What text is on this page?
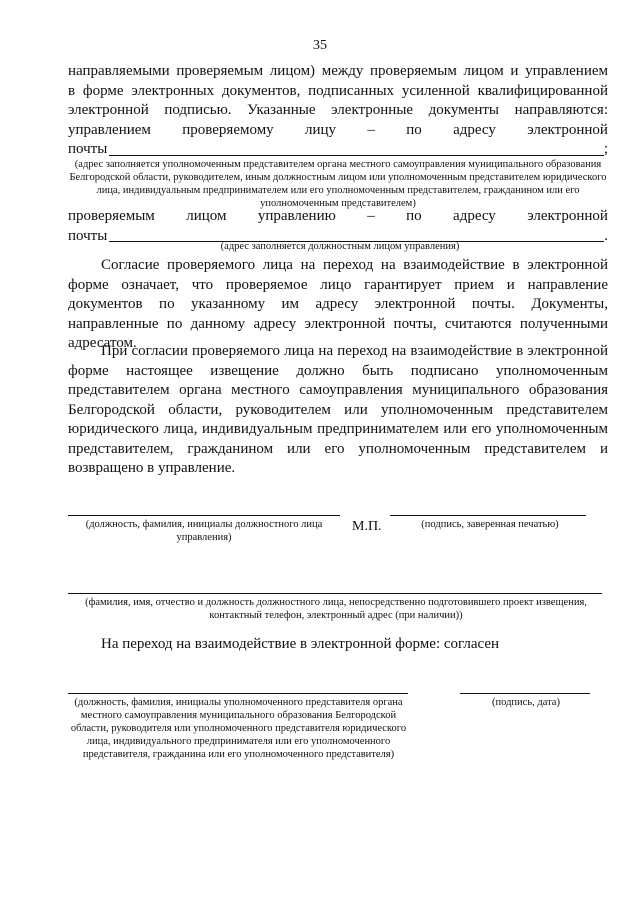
35
направляемыми проверяемым лицом) между проверяемым лицом и управлением
в форме электронных документов, подписанных усиленной квалифицированной
электронной подписью. Указанные электронные документы направляются:
управлением проверяемому лицу – по адресу электронной
почты	;
(адрес заполняется уполномоченным представителем органа местного самоуправления муниципального образования Белгородской области, руководителем, иным должностным лицом или уполномоченным представителем юридического лица, индивидуальным предпринимателем или его уполномоченным представителем, гражданином или его уполномоченным представителем)
проверяемым лицом управлению – по адресу электронной
почты	.
(адрес заполняется должностным лицом управления)
Согласие проверяемого лица на переход на взаимодействие в электронной форме означает, что проверяемое лицо гарантирует прием и направление документов по указанному им адресу электронной почты. Документы, направленные по данному адресу электронной почты, считаются полученными адресатом.
При согласии проверяемого лица на переход на взаимодействие в электронной форме настоящее извещение должно быть подписано уполномоченным представителем органа местного самоуправления муниципального образования Белгородской области, руководителем или уполномоченным представителем юридического лица, индивидуальным предпринимателем или его уполномоченным представителем, гражданином или его уполномоченным представителем и возвращено в управление.
(должность, фамилия, инициалы должностного лица управления)
М.П.	(подпись, заверенная печатью)
(фамилия, имя, отчество и должность должностного лица, непосредственно подготовившего проект извещения, контактный телефон, электронный адрес (при наличии))
На переход на взаимодействие в электронной форме: согласен
(должность, фамилия, инициалы уполномоченного представителя органа местного самоуправления муниципального образования Белгородской области, руководителя или уполномоченного представителя юридического лица, индивидуального предпринимателя или его уполномоченного представителя, гражданина или его уполномоченного представителя)
(подпись, дата)
